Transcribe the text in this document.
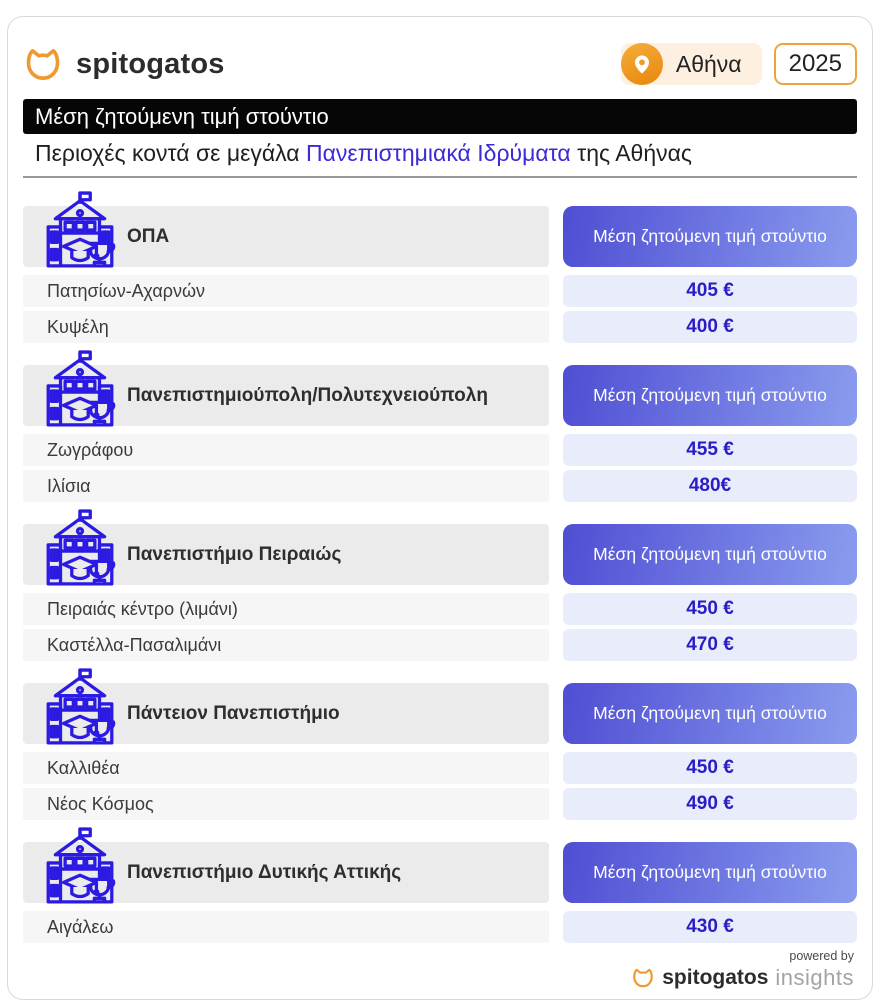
spitogatos	Αθήνα 2025
Μέση ζητούμενη τιμή στούντιο
Περιοχές κοντά σε μεγάλα Πανεπιστημιακά Ιδρύματα της Αθήνας
ΟΠΑ	Μέση ζητούμενη τιμή στούντιο
Πατησίων-Αχαρνών	405 €
Κυψέλη	400 €
Πανεπιστημιούπολη/Πολυτεχνειούπολη	Μέση ζητούμενη τιμή στούντιο
Ζωγράφου	455 €
Ιλίσια	480€
Πανεπιστήμιο Πειραιώς	Μέση ζητούμενη τιμή στούντιο
Πειραιάς κέντρο (λιμάνι)	450 €
Καστέλλα-Πασαλιμάνι	470 €
Πάντειον Πανεπιστήμιο	Μέση ζητούμενη τιμή στούντιο
Καλλιθέα	450 €
Νέος Κόσμος	490 €
Πανεπιστήμιο Δυτικής Αττικής	Μέση ζητούμενη τιμή στούντιο
Αιγάλεω	430 €
powered by
spitogatos insights
